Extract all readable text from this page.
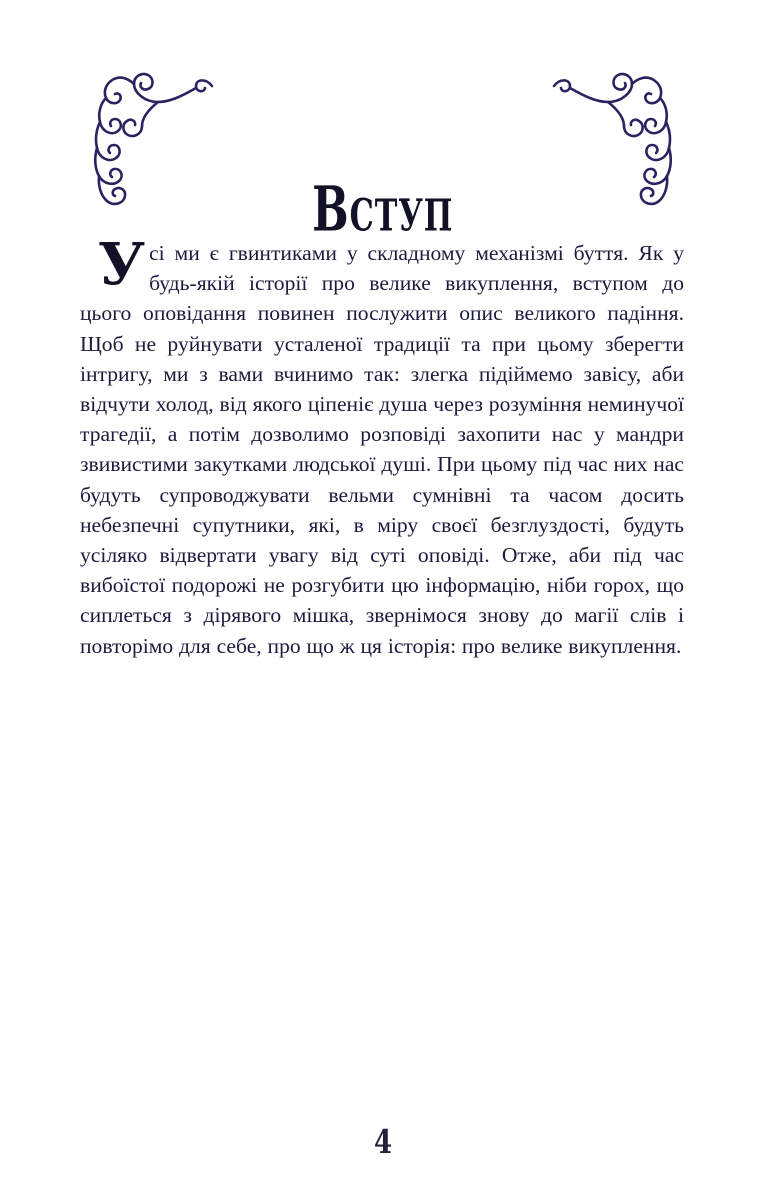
Вступ

Усі ми є гвинтиками у складному механізмі буття. Як у будь-якій історії про велике викуплення, вступом до цього оповідання повинен послужити опис великого падіння. Щоб не руйнувати усталеної традиції та при цьому зберегти інтригу, ми з вами вчинимо так: злегка підіймемо завісу, аби відчути холод, від якого ціпеніє душа через розуміння неминучої трагедії, а потім дозволимо розповіді захопити нас у мандри звивистими закутками людської душі. При цьому під час них нас будуть супроводжувати вельми сумнівні та часом досить небезпечні супутники, які, в міру своєї безглуздості, будуть усіляко відвертати увагу від суті оповіді. Отже, аби під час вибоїстої подорожі не розгубити цю інформацію, ніби горох, що сиплеться з дірявого мішка, звернімося знову до магії слів і повторімо для себе, про що ж ця історія: про велике викуплення.

4
